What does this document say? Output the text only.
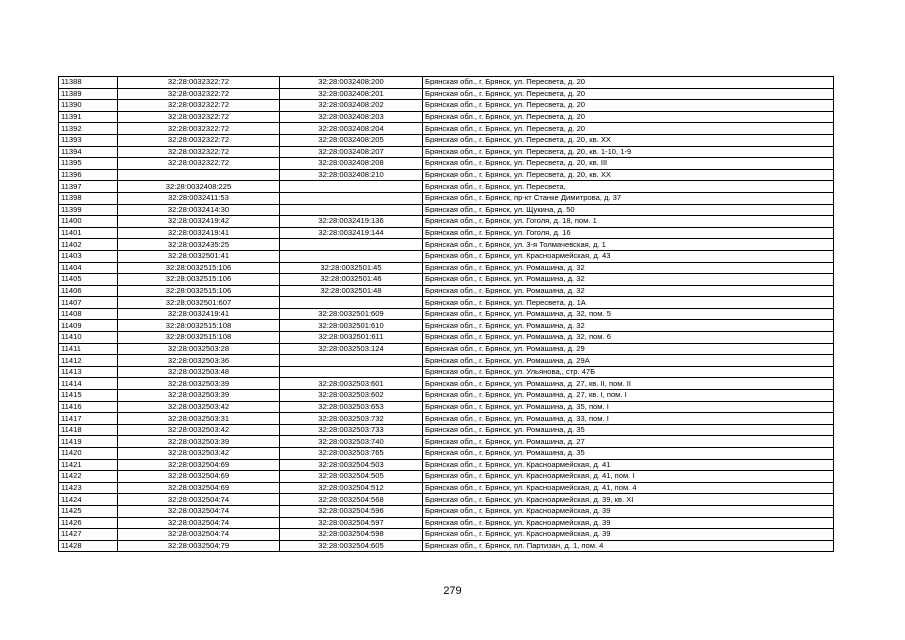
11388	32:28:0032322:72	32:28:0032408:200	Брянская обл., г. Брянск, ул. Пересвета, д. 20
11389	32:28:0032322:72	32:28:0032408:201	Брянская обл., г. Брянск, ул. Пересвета, д. 20
11390	32:28:0032322:72	32:28:0032408:202	Брянская обл., г. Брянск, ул. Пересвета, д. 20
11391	32:28:0032322:72	32:28:0032408:203	Брянская обл., г. Брянск, ул. Пересвета, д. 20
11392	32:28:0032322:72	32:28:0032408:204	Брянская обл., г. Брянск, ул. Пересвета, д. 20
11393	32:28:0032322:72	32:28:0032408:205	Брянская обл., г. Брянск, ул. Пересвета, д. 20, кв. XX
11394	32:28:0032322:72	32:28:0032408:207	Брянская обл., г. Брянск, ул. Пересвета, д. 20, кв. 1-10, 1-9
11395	32:28:0032322:72	32:28:0032408:208	Брянская обл., г. Брянск, ул. Пересвета, д. 20, кв. III
11396		32:28:0032408:210	Брянская обл., г. Брянск, ул. Пересвета, д. 20, кв. XX
11397	32:28:0032408:225		Брянская обл., г. Брянск, ул. Пересвета,
11398	32:28:0032411:53		Брянская обл., г. Брянск, пр-кт Станке Димитрова, д. 37
11399	32:28:0032414:30		Брянская обл., г. Брянск, ул. Щукина, д. 50
11400	32:28:0032419:42	32:28:0032419:136	Брянская обл., г. Брянск, ул. Гоголя, д. 18, пом. 1
11401	32:28:0032419:41	32:28:0032419:144	Брянская обл., г. Брянск, ул. Гоголя, д. 16
11402	32:28:0032435:25		Брянская обл., г. Брянск, ул. 3-я Толмачевская, д. 1
11403	32:28:0032501:41		Брянская обл., г. Брянск, ул. Красноармейская, д. 43
11404	32:28:0032515:106	32:28:0032501:45	Брянская обл., г. Брянск, ул. Ромашина, д. 32
11405	32:28:0032515:106	32:28:0032501:46	Брянская обл., г. Брянск, ул. Ромашина, д. 32
11406	32:28:0032515:106	32:28:0032501:48	Брянская обл., г. Брянск, ул. Ромашина, д. 32
11407	32:28:0032501:607		Брянская обл., г. Брянск, ул. Пересвета, д. 1А
11408	32:28:0032419:41	32:28:0032501:609	Брянская обл., г. Брянск, ул. Ромашина, д. 32, пом. 5
11409	32:28:0032515:108	32:28:0032501:610	Брянская обл., г. Брянск, ул. Ромашина, д. 32
11410	32:28:0032515:108	32:28:0032501:611	Брянская обл., г. Брянск, ул. Ромашина, д. 32, пом. 6
11411	32:28:0032503:28	32:28:0032503:124	Брянская обл., г. Брянск, ул. Ромашина, д. 29
11412	32:28:0032503:36		Брянская обл., г. Брянск, ул. Ромашина, д. 29А
11413	32:28:0032503:48		Брянская обл., г. Брянск, ул. Ульянова,, стр. 47Б
11414	32:28:0032503:39	32:28:0032503:601	Брянская обл., г. Брянск, ул. Ромашина, д. 27, кв. II, пом. II
11415	32:28:0032503:39	32:28:0032503:602	Брянская обл., г. Брянск, ул. Ромашина, д. 27, кв. I, пом. I
11416	32:28:0032503:42	32:28:0032503:653	Брянская обл., г. Брянск, ул. Ромашина, д. 35, пом. I
11417	32:28:0032503:31	32:28:0032503:732	Брянская обл., г. Брянск, ул. Ромашина, д. 33, пом. I
11418	32:28:0032503:42	32:28:0032503:733	Брянская обл., г. Брянск, ул. Ромашина, д. 35
11419	32:28:0032503:39	32:28:0032503:740	Брянская обл., г. Брянск, ул. Ромашина, д. 27
11420	32:28:0032503:42	32:28:0032503:765	Брянская обл., г. Брянск, ул. Ромашина, д. 35
11421	32:28:0032504:69	32:28:0032504:503	Брянская обл., г. Брянск, ул. Красноармейская, д. 41
11422	32:28:0032504:69	32:28:0032504:505	Брянская обл., г. Брянск, ул. Красноармейская, д. 41, пом. I
11423	32:28:0032504:69	32:28:0032504:512	Брянская обл., г. Брянск, ул. Красноармейская, д. 41, пом. 4
11424	32:28:0032504:74	32:28:0032504:568	Брянская обл., г. Брянск, ул. Красноармейская, д. 39, кв. XI
11425	32:28:0032504:74	32:28:0032504:596	Брянская обл., г. Брянск, ул. Красноармейская, д. 39
11426	32:28:0032504:74	32:28:0032504:597	Брянская обл., г. Брянск, ул. Красноармейская, д. 39
11427	32:28:0032504:74	32:28:0032504:598	Брянская обл., г. Брянск, ул. Красноармейская, д. 39
11428	32:28:0032504:79	32:28:0032504:605	Брянская обл., г. Брянск, пл. Партизан, д. 1, пом. 4
279
